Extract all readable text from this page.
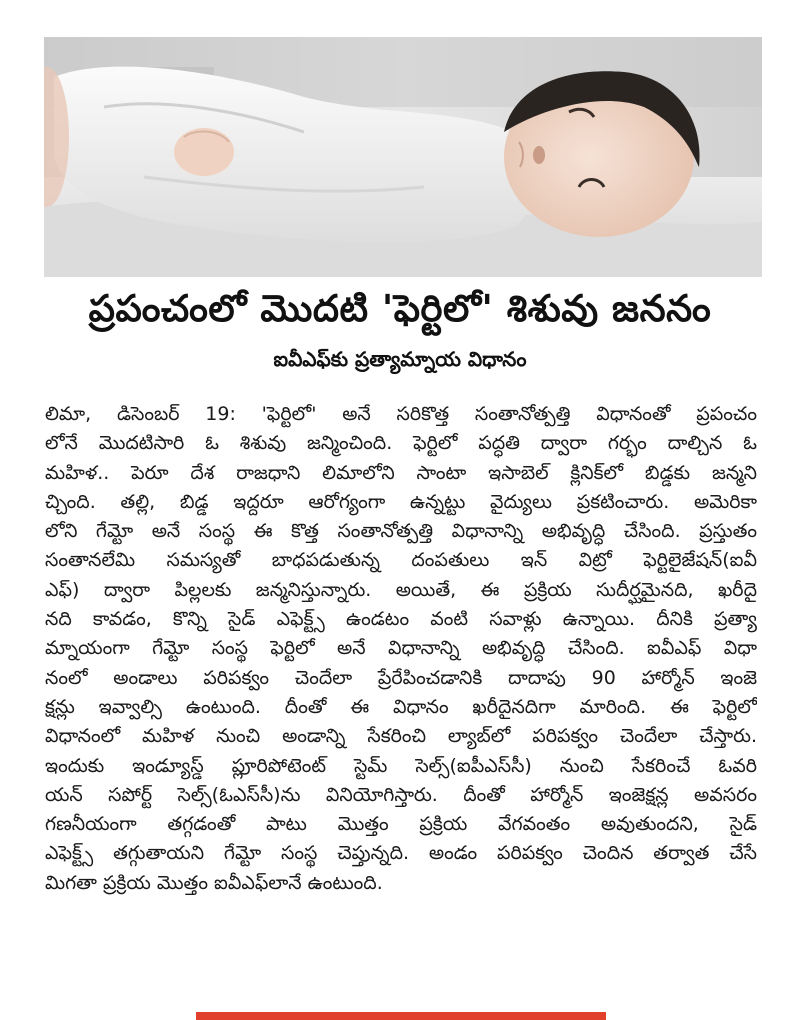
ప్రపంచంలో మొదటి 'ఫెర్టిలో' శిశువు జననం
ఐవీఎఫ్‌కు ప్రత్యామ్నాయ విధానం
లిమా, డిసెంబర్ 19: 'ఫెర్టిలో' అనే సరికొత్త సంతానోత్పత్తి విధానంతో ప్రపంచం
లోనే మొదటిసారి ఓ శిశువు జన్మించింది. ఫెర్టిలో పద్ధతి ద్వారా గర్భం దాల్చిన ఓ
మహిళ.. పెరూ దేశ రాజధాని లిమాలోని సాంటా ఇసాబెల్ క్లినిక్‌లో బిడ్డకు జన్మని
చ్చింది. తల్లి, బిడ్డ ఇద్దరూ ఆరోగ్యంగా ఉన్నట్టు వైద్యులు ప్రకటించారు. అమెరికా
లోని గేమ్టో అనే సంస్థ ఈ కొత్త సంతానోత్పత్తి విధానాన్ని అభివృద్ధి చేసింది. ప్రస్తుతం
సంతానలేమి సమస్యతో బాధపడుతున్న దంపతులు ఇన్ విట్రో ఫెర్టిలైజేషన్(ఐవీ
ఎఫ్) ద్వారా పిల్లలకు జన్మనిస్తున్నారు. అయితే, ఈ ప్రక్రియ సుదీర్ఘమైనది, ఖరీదై
నది కావడం, కొన్ని సైడ్ ఎఫెక్ట్స్ ఉండటం వంటి సవాళ్లు ఉన్నాయి. దీనికి ప్రత్యా
మ్నాయంగా గేమ్టో సంస్థ ఫెర్టిలో అనే విధానాన్ని అభివృద్ధి చేసింది. ఐవీఎఫ్ విధా
నంలో అండాలు పరిపక్వం చెందేలా ప్రేరేపించడానికి దాదాపు 90 హార్మోన్ ఇంజె
క్షన్లు ఇవ్వాల్సి ఉంటుంది. దీంతో ఈ విధానం ఖరీదైనదిగా మారింది. ఈ ఫెర్టిలో
విధానంలో మహిళ నుంచి అండాన్ని సేకరించి ల్యాబ్‌లో పరిపక్వం చెందేలా చేస్తారు.
ఇందుకు ఇండ్యూస్డ్ ప్లూరిపోటెంట్ స్టెమ్ సెల్స్(ఐపీఎస్‌సీ) నుంచి సేకరించే ఓవరి
యన్ సపోర్ట్ సెల్స్(ఓఎస్‌సీ)ను వినియోగిస్తారు. దీంతో హార్మోన్ ఇంజెక్షన్ల అవసరం
గణనీయంగా తగ్గడంతో పాటు మొత్తం ప్రక్రియ వేగవంతం అవుతుందని, సైడ్
ఎఫెక్ట్స్ తగ్గుతాయని గేమ్టో సంస్థ చెప్తున్నది. అండం పరిపక్వం చెందిన తర్వాత చేసే
మిగతా ప్రక్రియ మొత్తం ఐవీఎఫ్‌లానే ఉంటుంది.
